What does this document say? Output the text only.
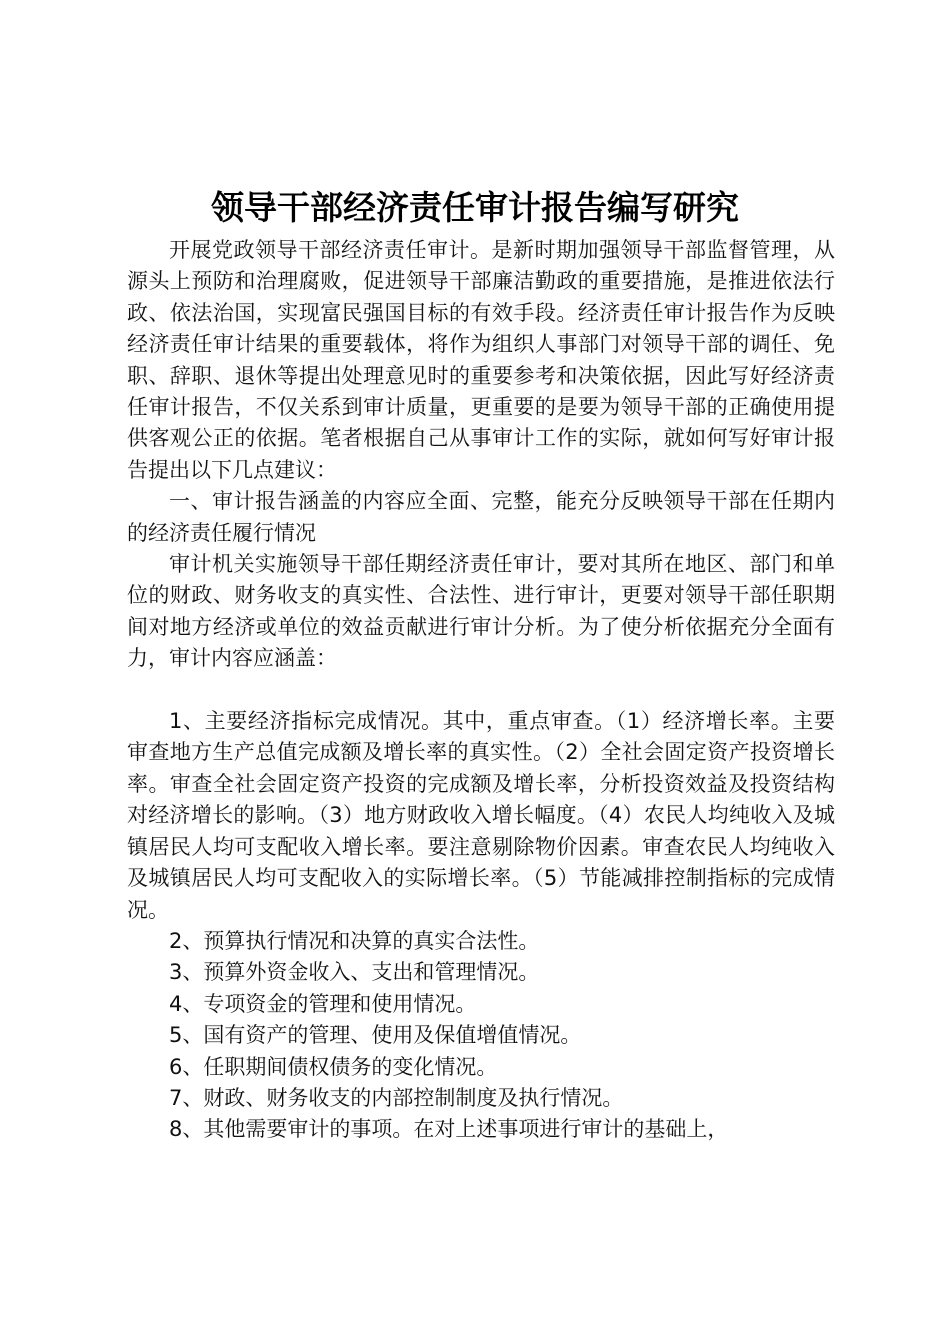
领导干部经济责任审计报告编写研究

开展党政领导干部经济责任审计。是新时期加强领导干部监督管理，从源头上预防和治理腐败，促进领导干部廉洁勤政的重要措施，是推进依法行政、依法治国，实现富民强国目标的有效手段。经济责任审计报告作为反映经济责任审计结果的重要载体，将作为组织人事部门对领导干部的调任、免职、辞职、退休等提出处理意见时的重要参考和决策依据，因此写好经济责任审计报告，不仅关系到审计质量，更重要的是要为领导干部的正确使用提供客观公正的依据。笔者根据自己从事审计工作的实际，就如何写好审计报告提出以下几点建议：

一、审计报告涵盖的内容应全面、完整，能充分反映领导干部在任期内的经济责任履行情况

审计机关实施领导干部任期经济责任审计，要对其所在地区、部门和单位的财政、财务收支的真实性、合法性、进行审计，更要对领导干部任职期间对地方经济或单位的效益贡献进行审计分析。为了使分析依据充分全面有力，审计内容应涵盖：

1、主要经济指标完成情况。其中，重点审查。（1）经济增长率。主要审查地方生产总值完成额及增长率的真实性。（2）全社会固定资产投资增长率。审查全社会固定资产投资的完成额及增长率，分析投资效益及投资结构对经济增长的影响。（3）地方财政收入增长幅度。（4）农民人均纯收入及城镇居民人均可支配收入增长率。要注意剔除物价因素。审查农民人均纯收入及城镇居民人均可支配收入的实际增长率。（5）节能减排控制指标的完成情况。

2、预算执行情况和决算的真实合法性。

3、预算外资金收入、支出和管理情况。

4、专项资金的管理和使用情况。

5、国有资产的管理、使用及保值增值情况。

6、任职期间债权债务的变化情况。

7、财政、财务收支的内部控制制度及执行情况。

8、其他需要审计的事项。在对上述事项进行审计的基础上，
